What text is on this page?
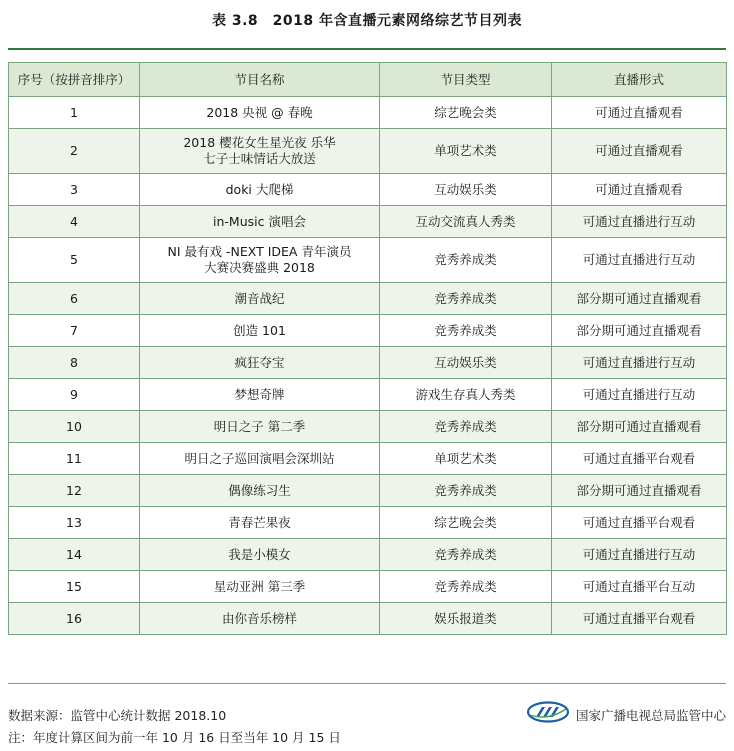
表 3.8　2018 年含直播元素网络综艺节目列表
序号（按拼音排序）	节目名称	节目类型	直播形式
1	2018 央视 @ 春晚	综艺晚会类	可通过直播观看
2	2018 樱花女生星光夜 乐华
七子士味情话大放送	单项艺术类	可通过直播观看
3	doki 大爬梯	互动娱乐类	可通过直播观看
4	in-Music 演唱会	互动交流真人秀类	可通过直播进行互动
5	NI 最有戏 -NEXT IDEA 青年演员
大赛决赛盛典 2018	竞秀养成类	可通过直播进行互动
6	潮音战纪	竞秀养成类	部分期可通过直播观看
7	创造 101	竞秀养成类	部分期可通过直播观看
8	疯狂夺宝	互动娱乐类	可通过直播进行互动
9	梦想奇牌	游戏生存真人秀类	可通过直播进行互动
10	明日之子 第二季	竞秀养成类	部分期可通过直播观看
11	明日之子巡回演唱会深圳站	单项艺术类	可通过直播平台观看
12	偶像练习生	竞秀养成类	部分期可通过直播观看
13	青春芒果夜	综艺晚会类	可通过直播平台观看
14	我是小模女	竞秀养成类	可通过直播进行互动
15	星动亚洲 第三季	竞秀养成类	可通过直播平台互动
16	由你音乐榜样	娱乐报道类	可通过直播平台观看
数据来源：监管中心统计数据 2018.10
注：年度计算区间为前一年 10 月 16 日至当年 10 月 15 日
国家广播电视总局监管中心
